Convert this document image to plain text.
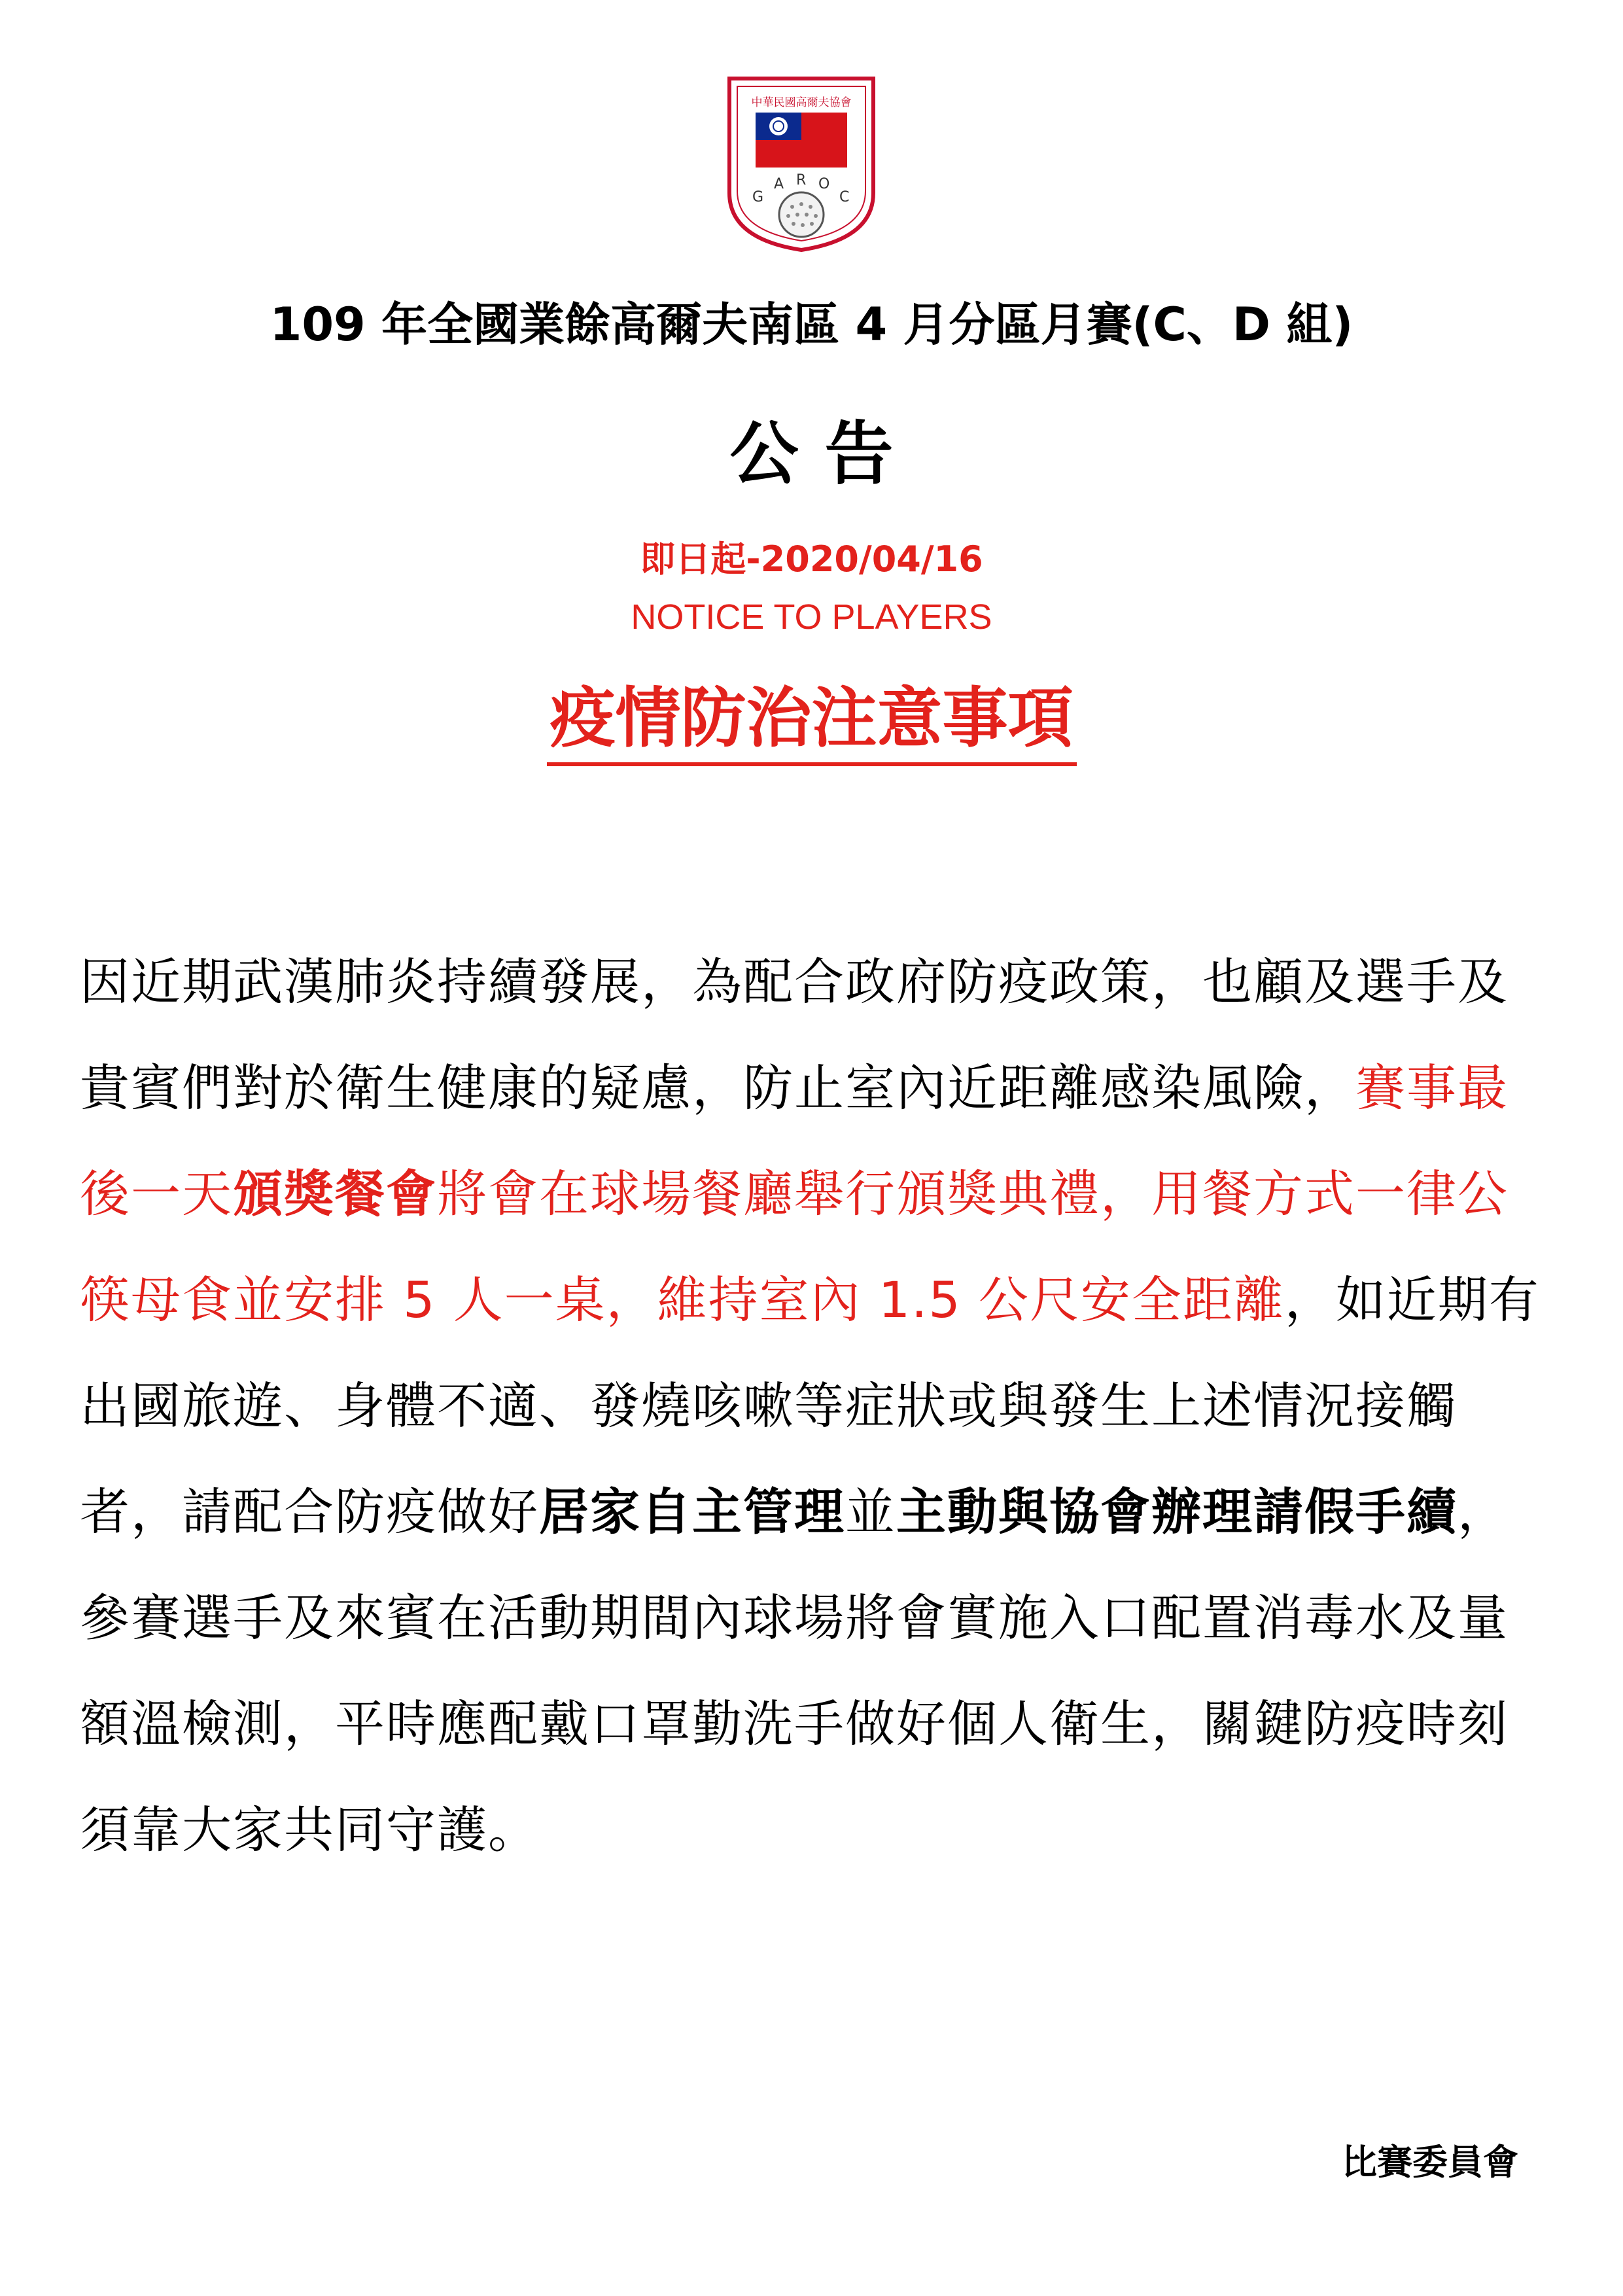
中華民國高爾夫協會
G
A R O
C
109 年全國業餘高爾夫南區 4 月分區月賽(C、D 組)
公告
即日起-2020/04/16
NOTICE TO PLAYERS
疫情防治注意事項
因近期武漢肺炎持續發展，為配合政府防疫政策，也顧及選手及貴賓們對於衛生健康的疑慮，防止室內近距離感染風險，賽事最後一天頒獎餐會將會在球場餐廳舉行頒獎典禮，用餐方式一律公筷母食並安排 5 人一桌，維持室內 1.5 公尺安全距離，如近期有出國旅遊、身體不適、發燒咳嗽等症狀或與發生上述情況接觸者，請配合防疫做好居家自主管理並主動與協會辦理請假手續，參賽選手及來賓在活動期間內球場將會實施入口配置消毒水及量額溫檢測，平時應配戴口罩勤洗手做好個人衛生，關鍵防疫時刻須靠大家共同守護。
比賽委員會
